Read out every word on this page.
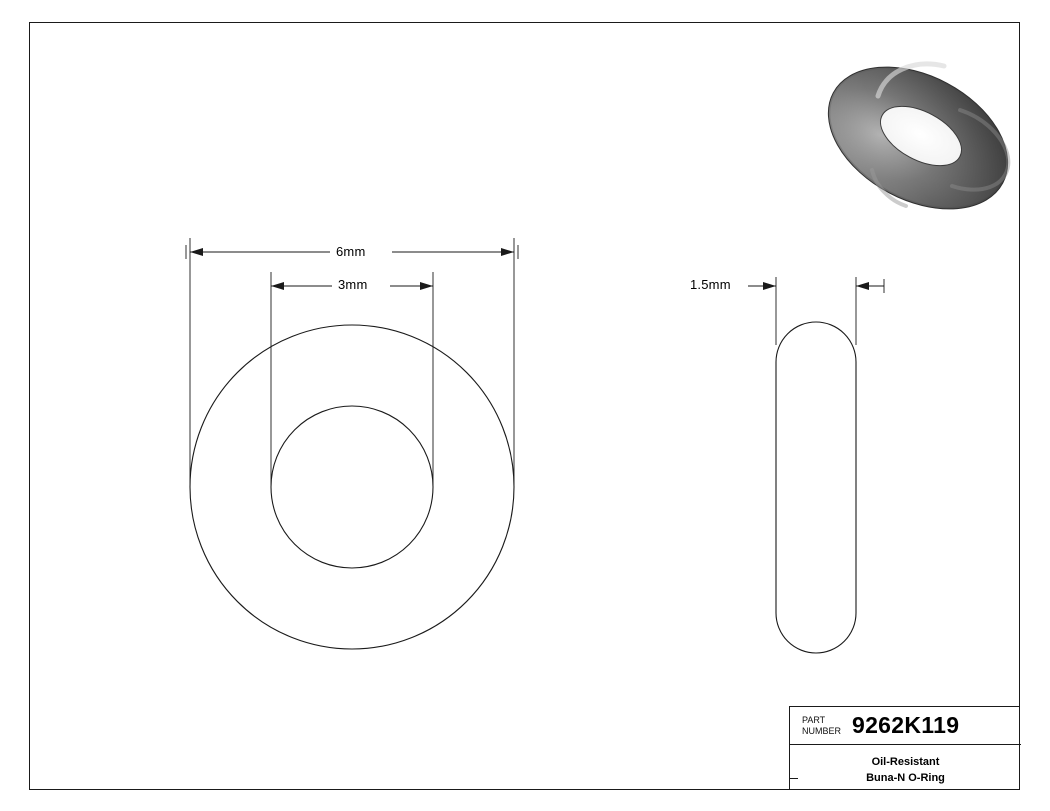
6mm
3mm	1.5mm
PART
NUMBER 9262K119
Oil-Resistant
Buna-N O-Ring
